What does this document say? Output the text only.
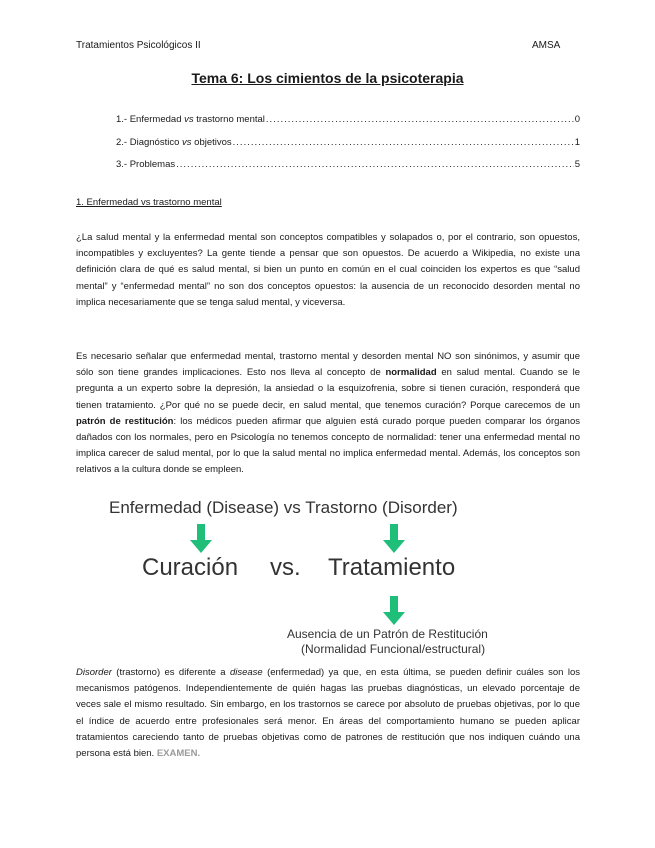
Tratamientos Psicológicos II	AMSA
Tema 6: Los cimientos de la psicoterapia
1.- Enfermedad vs trastorno mental .....	0
2.- Diagnóstico vs objetivos .....	1
3.- Problemas .....	5
1. Enfermedad vs trastorno mental

¿La salud mental y la enfermedad mental son conceptos compatibles y solapados o, por el contrario, son opuestos, incompatibles y excluyentes? La gente tiende a pensar que son opuestos. De acuerdo a Wikipedia, no existe una definición clara de qué es salud mental, si bien un punto en común en el cual coinciden los expertos es que “salud mental” y “enfermedad mental” no son dos conceptos opuestos: la ausencia de un reconocido desorden mental no implica necesariamente que se tenga salud mental, y viceversa.

Es necesario señalar que enfermedad mental, trastorno mental y desorden mental NO son sinónimos, y asumir que sólo son tiene grandes implicaciones. Esto nos lleva al concepto de normalidad en salud mental. Cuando se le pregunta a un experto sobre la depresión, la ansiedad o la esquizofrenia, sobre si tienen curación, responderá que tienen tratamiento. ¿Por qué no se puede decir, en salud mental, que tenemos curación? Porque carecemos de un patrón de restitución: los médicos pueden afirmar que alguien está curado porque pueden comparar los órganos dañados con los normales, pero en Psicología no tenemos concepto de normalidad: tener una enfermedad mental no implica carecer de salud mental, por lo que la salud mental no implica enfermedad mental. Además, los conceptos son relativos a la cultura donde se empleen.

Enfermedad (Disease) vs Trastorno (Disorder)
Curación vs. Tratamiento
Ausencia de un Patrón de Restitución
(Normalidad Funcional/estructural)

Disorder (trastorno) es diferente a disease (enfermedad) ya que, en esta última, se pueden definir cuáles son los mecanismos patógenos. Independientemente de quién hagas las pruebas diagnósticas, un elevado porcentaje de veces sale el mismo resultado. Sin embargo, en los trastornos se carece por absoluto de pruebas objetivas, por lo que el índice de acuerdo entre profesionales será menor. En áreas del comportamiento humano se pueden aplicar tratamientos careciendo tanto de pruebas objetivas como de patrones de restitución que nos indiquen cuándo una persona está bien. EXAMEN.
